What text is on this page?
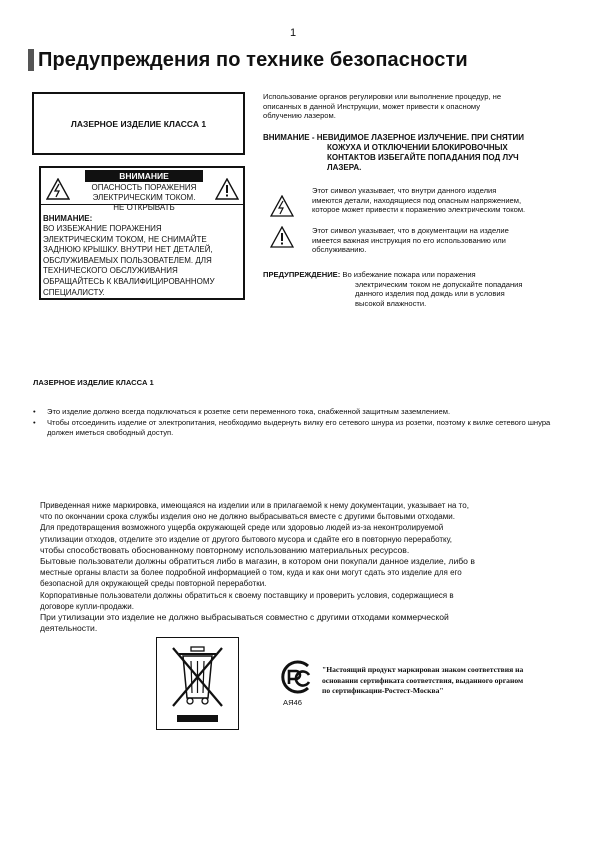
1
Предупреждения по технике безопасности
ЛАЗЕРНОЕ ИЗДЕЛИЕ КЛАССА 1
ВНИМАНИЕ
ОПАСНОСТЬ ПОРАЖЕНИЯ
ЭЛЕКТРИЧЕСКИМ ТОКОМ.
НЕ ОТКРЫВАТЬ
ВНИМАНИЕ:
ВО ИЗБЕЖАНИЕ ПОРАЖЕНИЯ
ЭЛЕКТРИЧЕСКИМ ТОКОМ, НЕ СНИМАЙТЕ
ЗАДНЮЮ КРЫШКУ. ВНУТРИ НЕТ ДЕТАЛЕЙ,
ОБСЛУЖИВАЕМЫХ ПОЛЬЗОВАТЕЛЕМ. ДЛЯ
ТЕХНИЧЕСКОГО ОБСЛУЖИВАНИЯ
ОБРАЩАЙТЕСЬ К КВАЛИФИЦИРОВАННОМУ
СПЕЦИАЛИСТУ.
Использование органов регулировки или выполнение процедур, не
описанных в данной Инструкции, может привести к опасному
облучению лазером.
ВНИМАНИЕ - НЕВИДИМОЕ ЛАЗЕРНОЕ ИЗЛУЧЕНИЕ. ПРИ СНЯТИИ
КОЖУХА И ОТКЛЮЧЕНИИ БЛОКИРОВОЧНЫХ
КОНТАКТОВ ИЗБЕГАЙТЕ ПОПАДАНИЯ ПОД ЛУЧ
ЛАЗЕРА.
Этот символ указывает, что внутри данного изделия
имеются детали, находящиеся под опасным напряжением,
которое может привести к поражению электрическим током.
Этот символ указывает, что в документации на изделие
имеется важная инструкция по его использованию или
обслуживанию.
ПРЕДУПРЕЖДЕНИЕ: Во избежание пожара или поражения
электрическим током не допускайте попадания
данного изделия под дождь или в условия
высокой влажности.
ЛАЗЕРНОЕ ИЗДЕЛИЕ КЛАССА 1
• Это изделие должно всегда подключаться к розетке сети переменного тока, снабженной защитным заземлением.
• Чтобы отсоединить изделие от электропитания, необходимо выдернуть вилку его сетевого шнура из розетки, поэтому к вилке сетевого шнура должен иметься свободный доступ.
Приведенная ниже маркировка, имеющаяся на изделии или в прилагаемой к нему документации, указывает на то,
что по окончании срока службы изделия оно не должно выбрасываться вместе с другими бытовыми отходами.
Для предотвращения возможного ущерба окружающей среде или здоровью людей из-за неконтролируемой
утилизации отходов, отделите это изделие от другого бытового мусора и сдайте его в повторную переработку,
чтобы способствовать обоснованному повторному использованию материальных ресурсов.
Бытовые пользователи должны обратиться либо в магазин, в котором они покупали данное изделие, либо в
местные органы власти за более подробной информацией о том, куда и как они могут сдать это изделие для его
безопасной для окружающей среды повторной переработки.
Корпоративные пользователи должны обратиться к своему поставщику и проверить условия, содержащиеся в
договоре купли-продажи.
При утилизации это изделие не должно выбрасываться совместно с другими отходами коммерческой
деятельности.
АЯ46
"Настоящий продукт маркирован знаком соответствия на
основании сертификата соответствия, выданного органом
по сертификации-Ростест-Москва"
